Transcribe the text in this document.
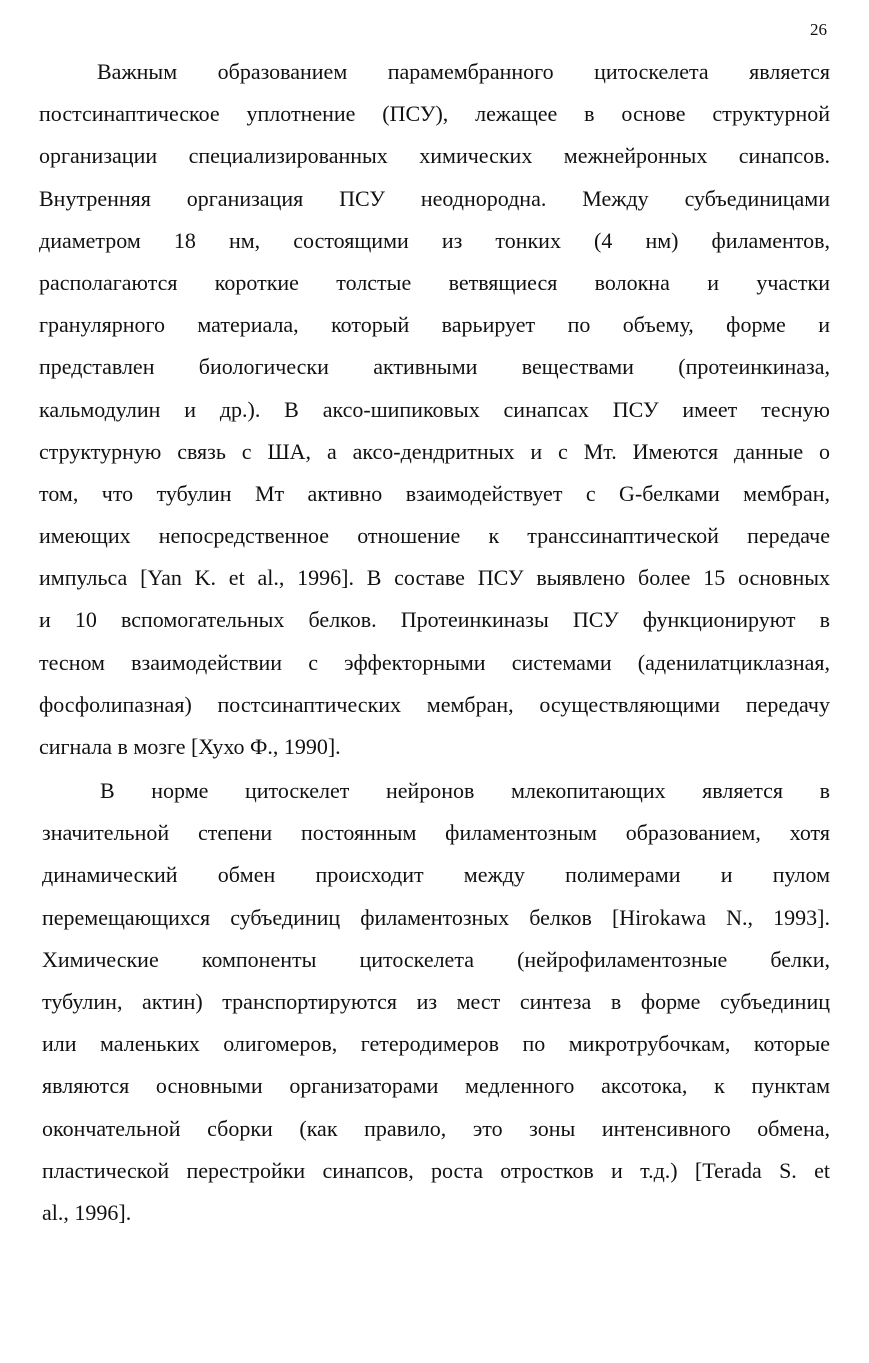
26
Важным образованием парамембранного цитоскелета является
постсинаптическое уплотнение (ПСУ), лежащее в основе структурной
организации специализированных химических межнейронных синапсов.
Внутренняя организация ПСУ неоднородна. Между субъединицами
диаметром 18 нм, состоящими из тонких (4 нм) филаментов,
располагаются короткие толстые ветвящиеся волокна и участки
гранулярного материала, который варьирует по объему, форме и
представлен биологически активными веществами (протеинкиназа,
кальмодулин и др.). В аксо-шипиковых синапсах ПСУ имеет тесную
структурную связь с ША, а аксо-дендритных и с Мт. Имеются данные о
том, что тубулин Мт активно взаимодействует с G-белками мембран,
имеющих непосредственное отношение к транссинаптической передаче
импульса [Yan K. et al., 1996]. В составе ПСУ выявлено более 15 основных
и 10 вспомогательных белков. Протеинкиназы ПСУ функционируют в
тесном взаимодействии с эффекторными системами (аденилатциклазная,
фосфолипазная) постсинаптических мембран, осуществляющими передачу
сигнала в мозге [Хухо Ф., 1990].
В норме цитоскелет нейронов млекопитающих является в
значительной степени постоянным филаментозным образованием, хотя
динамический обмен происходит между полимерами и пулом
перемещающихся субъединиц филаментозных белков [Hirokawa N., 1993].
Химические компоненты цитоскелета (нейрофиламентозные белки,
тубулин, актин) транспортируются из мест синтеза в форме субъединиц
или маленьких олигомеров, гетеродимеров по микротрубочкам, которые
являются основными организаторами медленного аксотока, к пунктам
окончательной сборки (как правило, это зоны интенсивного обмена,
пластической перестройки синапсов, роста отростков и т.д.) [Terada S. et
al., 1996].
